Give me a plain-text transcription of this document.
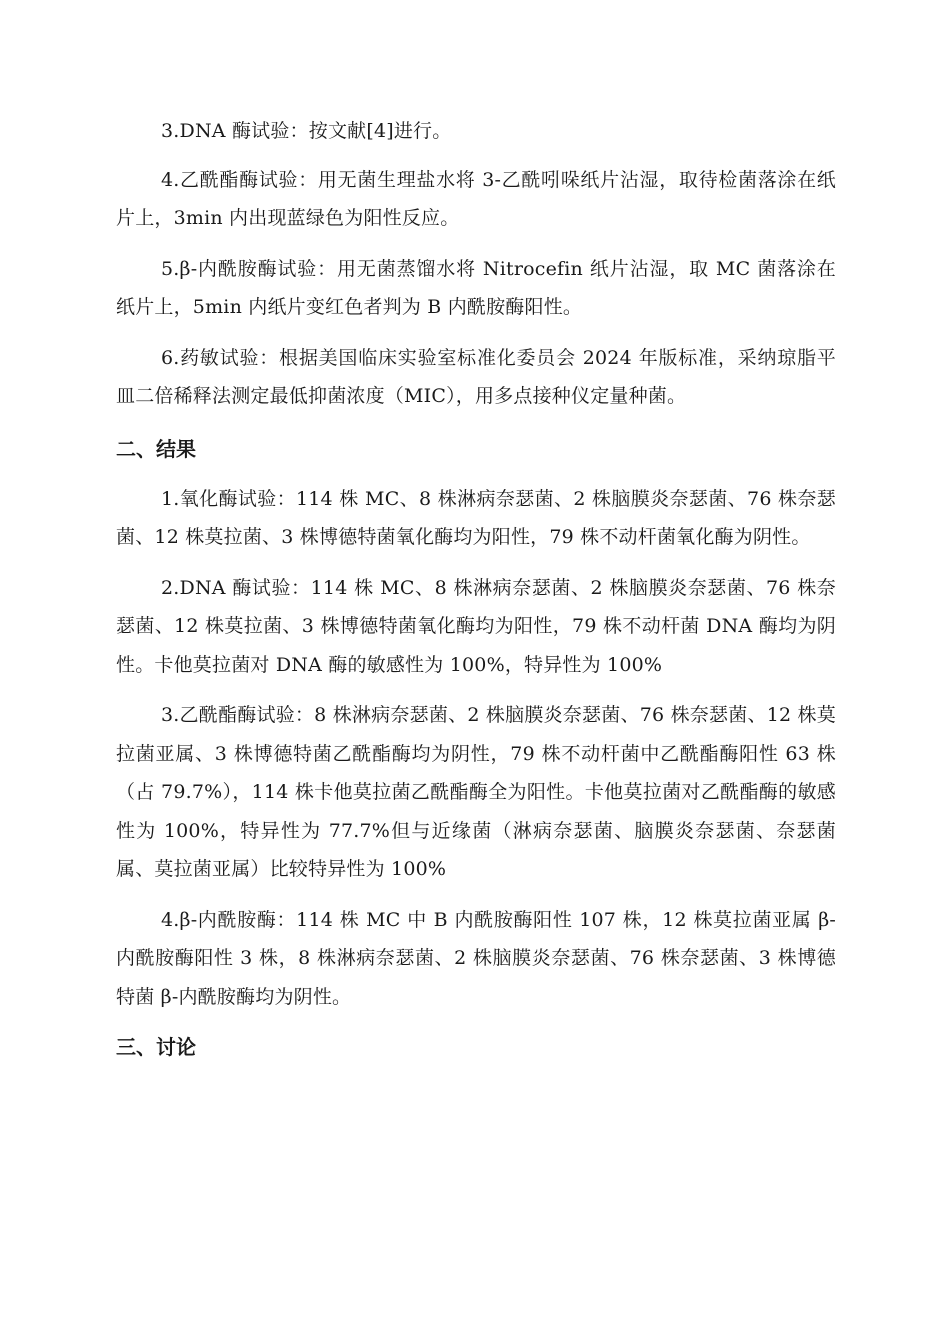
3.DNA 酶试验：按文献[4]进行。

4.乙酰酯酶试验：用无菌生理盐水将 3-乙酰吲哚纸片沾湿，取待检菌落涂在纸片上，3min 内出现蓝绿色为阳性反应。

5.β-内酰胺酶试验：用无菌蒸馏水将 Nitrocefin 纸片沾湿，取 MC 菌落涂在纸片上，5min 内纸片变红色者判为 B 内酰胺酶阳性。

6.药敏试验：根据美国临床实验室标准化委员会 2024 年版标准，采纳琼脂平皿二倍稀释法测定最低抑菌浓度（MIC），用多点接种仪定量种菌。

二、结果

1.氧化酶试验：114 株 MC、8 株淋病奈瑟菌、2 株脑膜炎奈瑟菌、76 株奈瑟菌、12 株莫拉菌、3 株博德特菌氧化酶均为阳性，79 株不动杆菌氧化酶为阴性。

2.DNA 酶试验：114 株 MC、8 株淋病奈瑟菌、2 株脑膜炎奈瑟菌、76 株奈瑟菌、12 株莫拉菌、3 株博德特菌氧化酶均为阳性，79 株不动杆菌 DNA 酶均为阴性。卡他莫拉菌对 DNA 酶的敏感性为 100%，特异性为 100%

3.乙酰酯酶试验：8 株淋病奈瑟菌、2 株脑膜炎奈瑟菌、76 株奈瑟菌、12 株莫拉菌亚属、3 株博德特菌乙酰酯酶均为阴性，79 株不动杆菌中乙酰酯酶阳性 63 株（占 79.7%），114 株卡他莫拉菌乙酰酯酶全为阳性。卡他莫拉菌对乙酰酯酶的敏感性为 100%，特异性为 77.7%但与近缘菌（淋病奈瑟菌、脑膜炎奈瑟菌、奈瑟菌属、莫拉菌亚属）比较特异性为 100%

4.β-内酰胺酶：114 株 MC 中 B 内酰胺酶阳性 107 株，12 株莫拉菌亚属 β-内酰胺酶阳性 3 株，8 株淋病奈瑟菌、2 株脑膜炎奈瑟菌、76 株奈瑟菌、3 株博德特菌 β-内酰胺酶均为阴性。

三、讨论
